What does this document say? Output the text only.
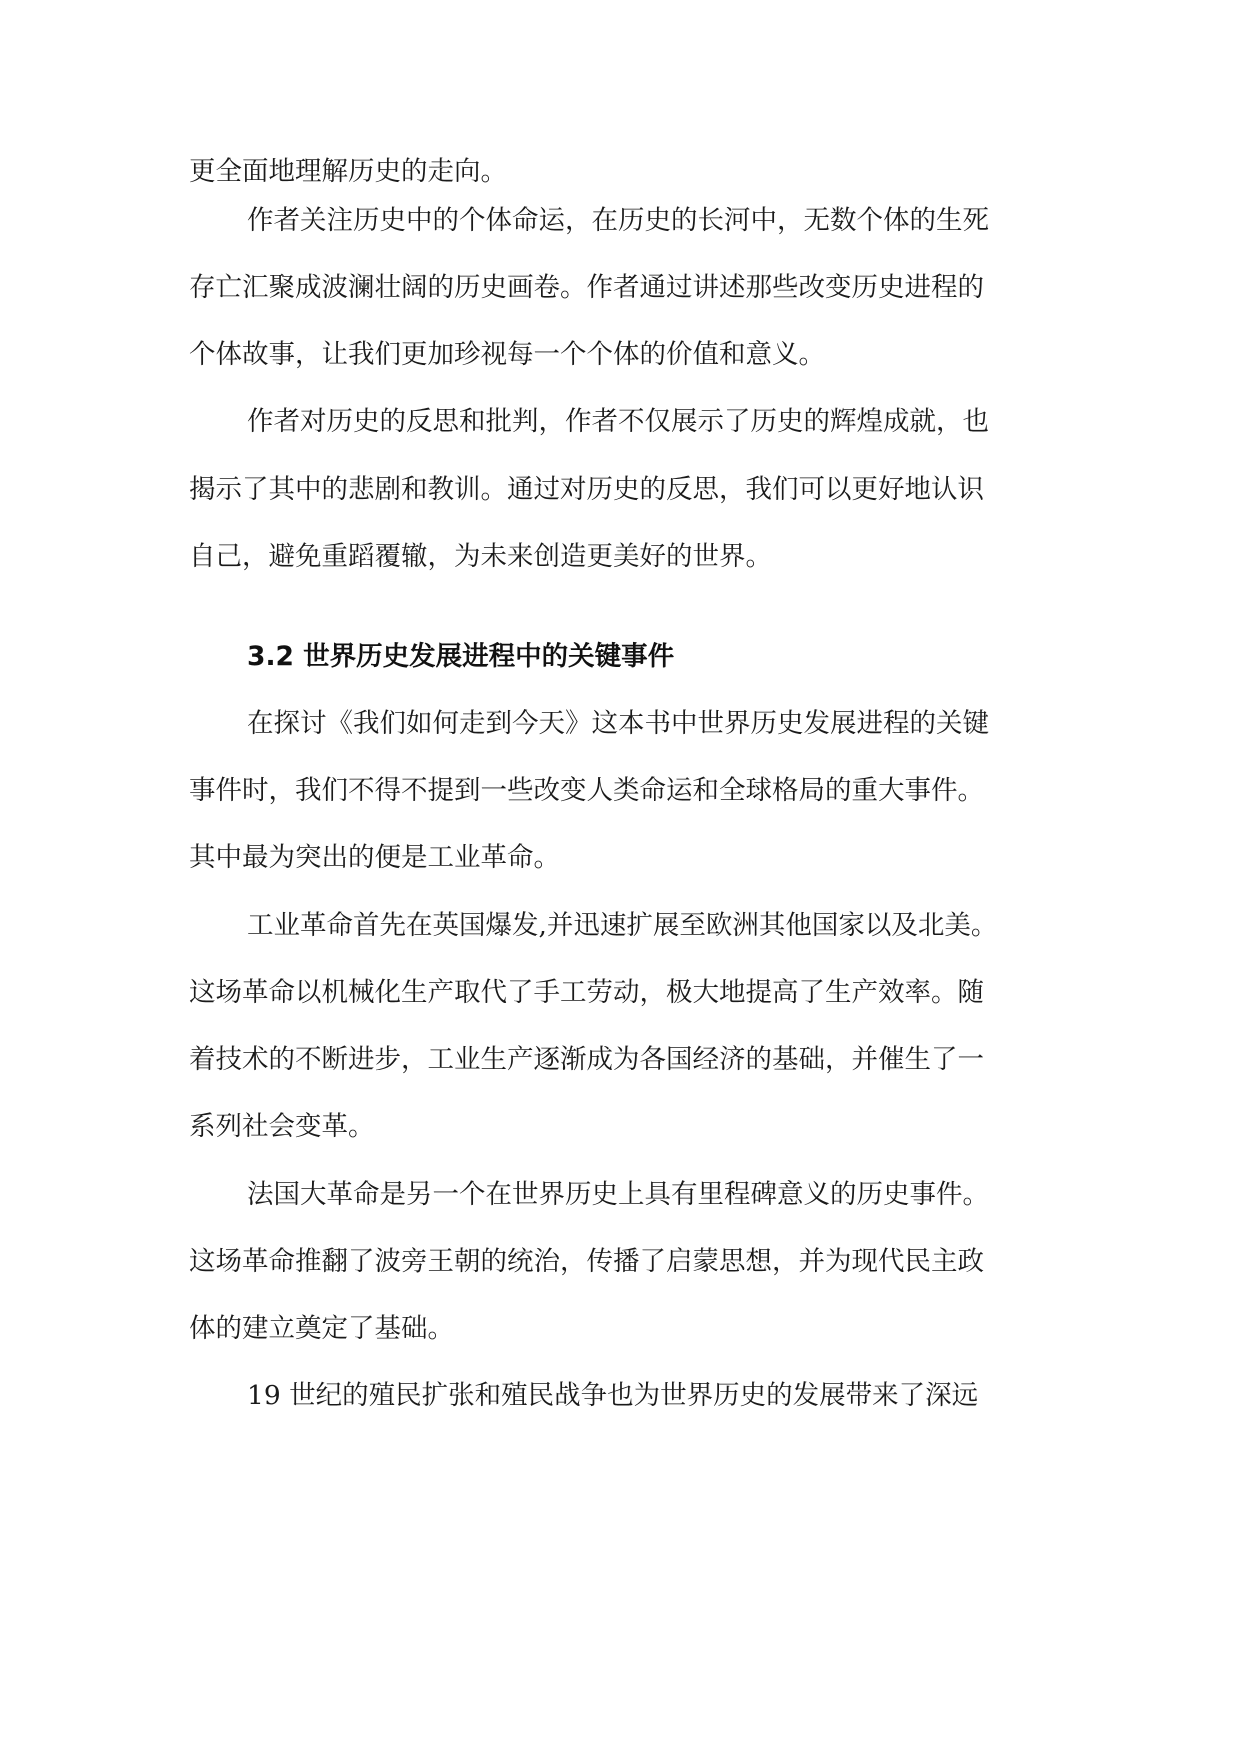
更全面地理解历史的走向。
作者关注历史中的个体命运，在历史的长河中，无数个体的生死
存亡汇聚成波澜壮阔的历史画卷。作者通过讲述那些改变历史进程的
个体故事，让我们更加珍视每一个个体的价值和意义。
作者对历史的反思和批判，作者不仅展示了历史的辉煌成就，也
揭示了其中的悲剧和教训。通过对历史的反思，我们可以更好地认识
自己，避免重蹈覆辙，为未来创造更美好的世界。
3.2 世界历史发展进程中的关键事件
在探讨《我们如何走到今天》这本书中世界历史发展进程的关键
事件时，我们不得不提到一些改变人类命运和全球格局的重大事件。
其中最为突出的便是工业革命。
工业革命首先在英国爆发,并迅速扩展至欧洲其他国家以及北美。
这场革命以机械化生产取代了手工劳动，极大地提高了生产效率。随
着技术的不断进步，工业生产逐渐成为各国经济的基础，并催生了一
系列社会变革。
法国大革命是另一个在世界历史上具有里程碑意义的历史事件。
这场革命推翻了波旁王朝的统治，传播了启蒙思想，并为现代民主政
体的建立奠定了基础。
19 世纪的殖民扩张和殖民战争也为世界历史的发展带来了深远
